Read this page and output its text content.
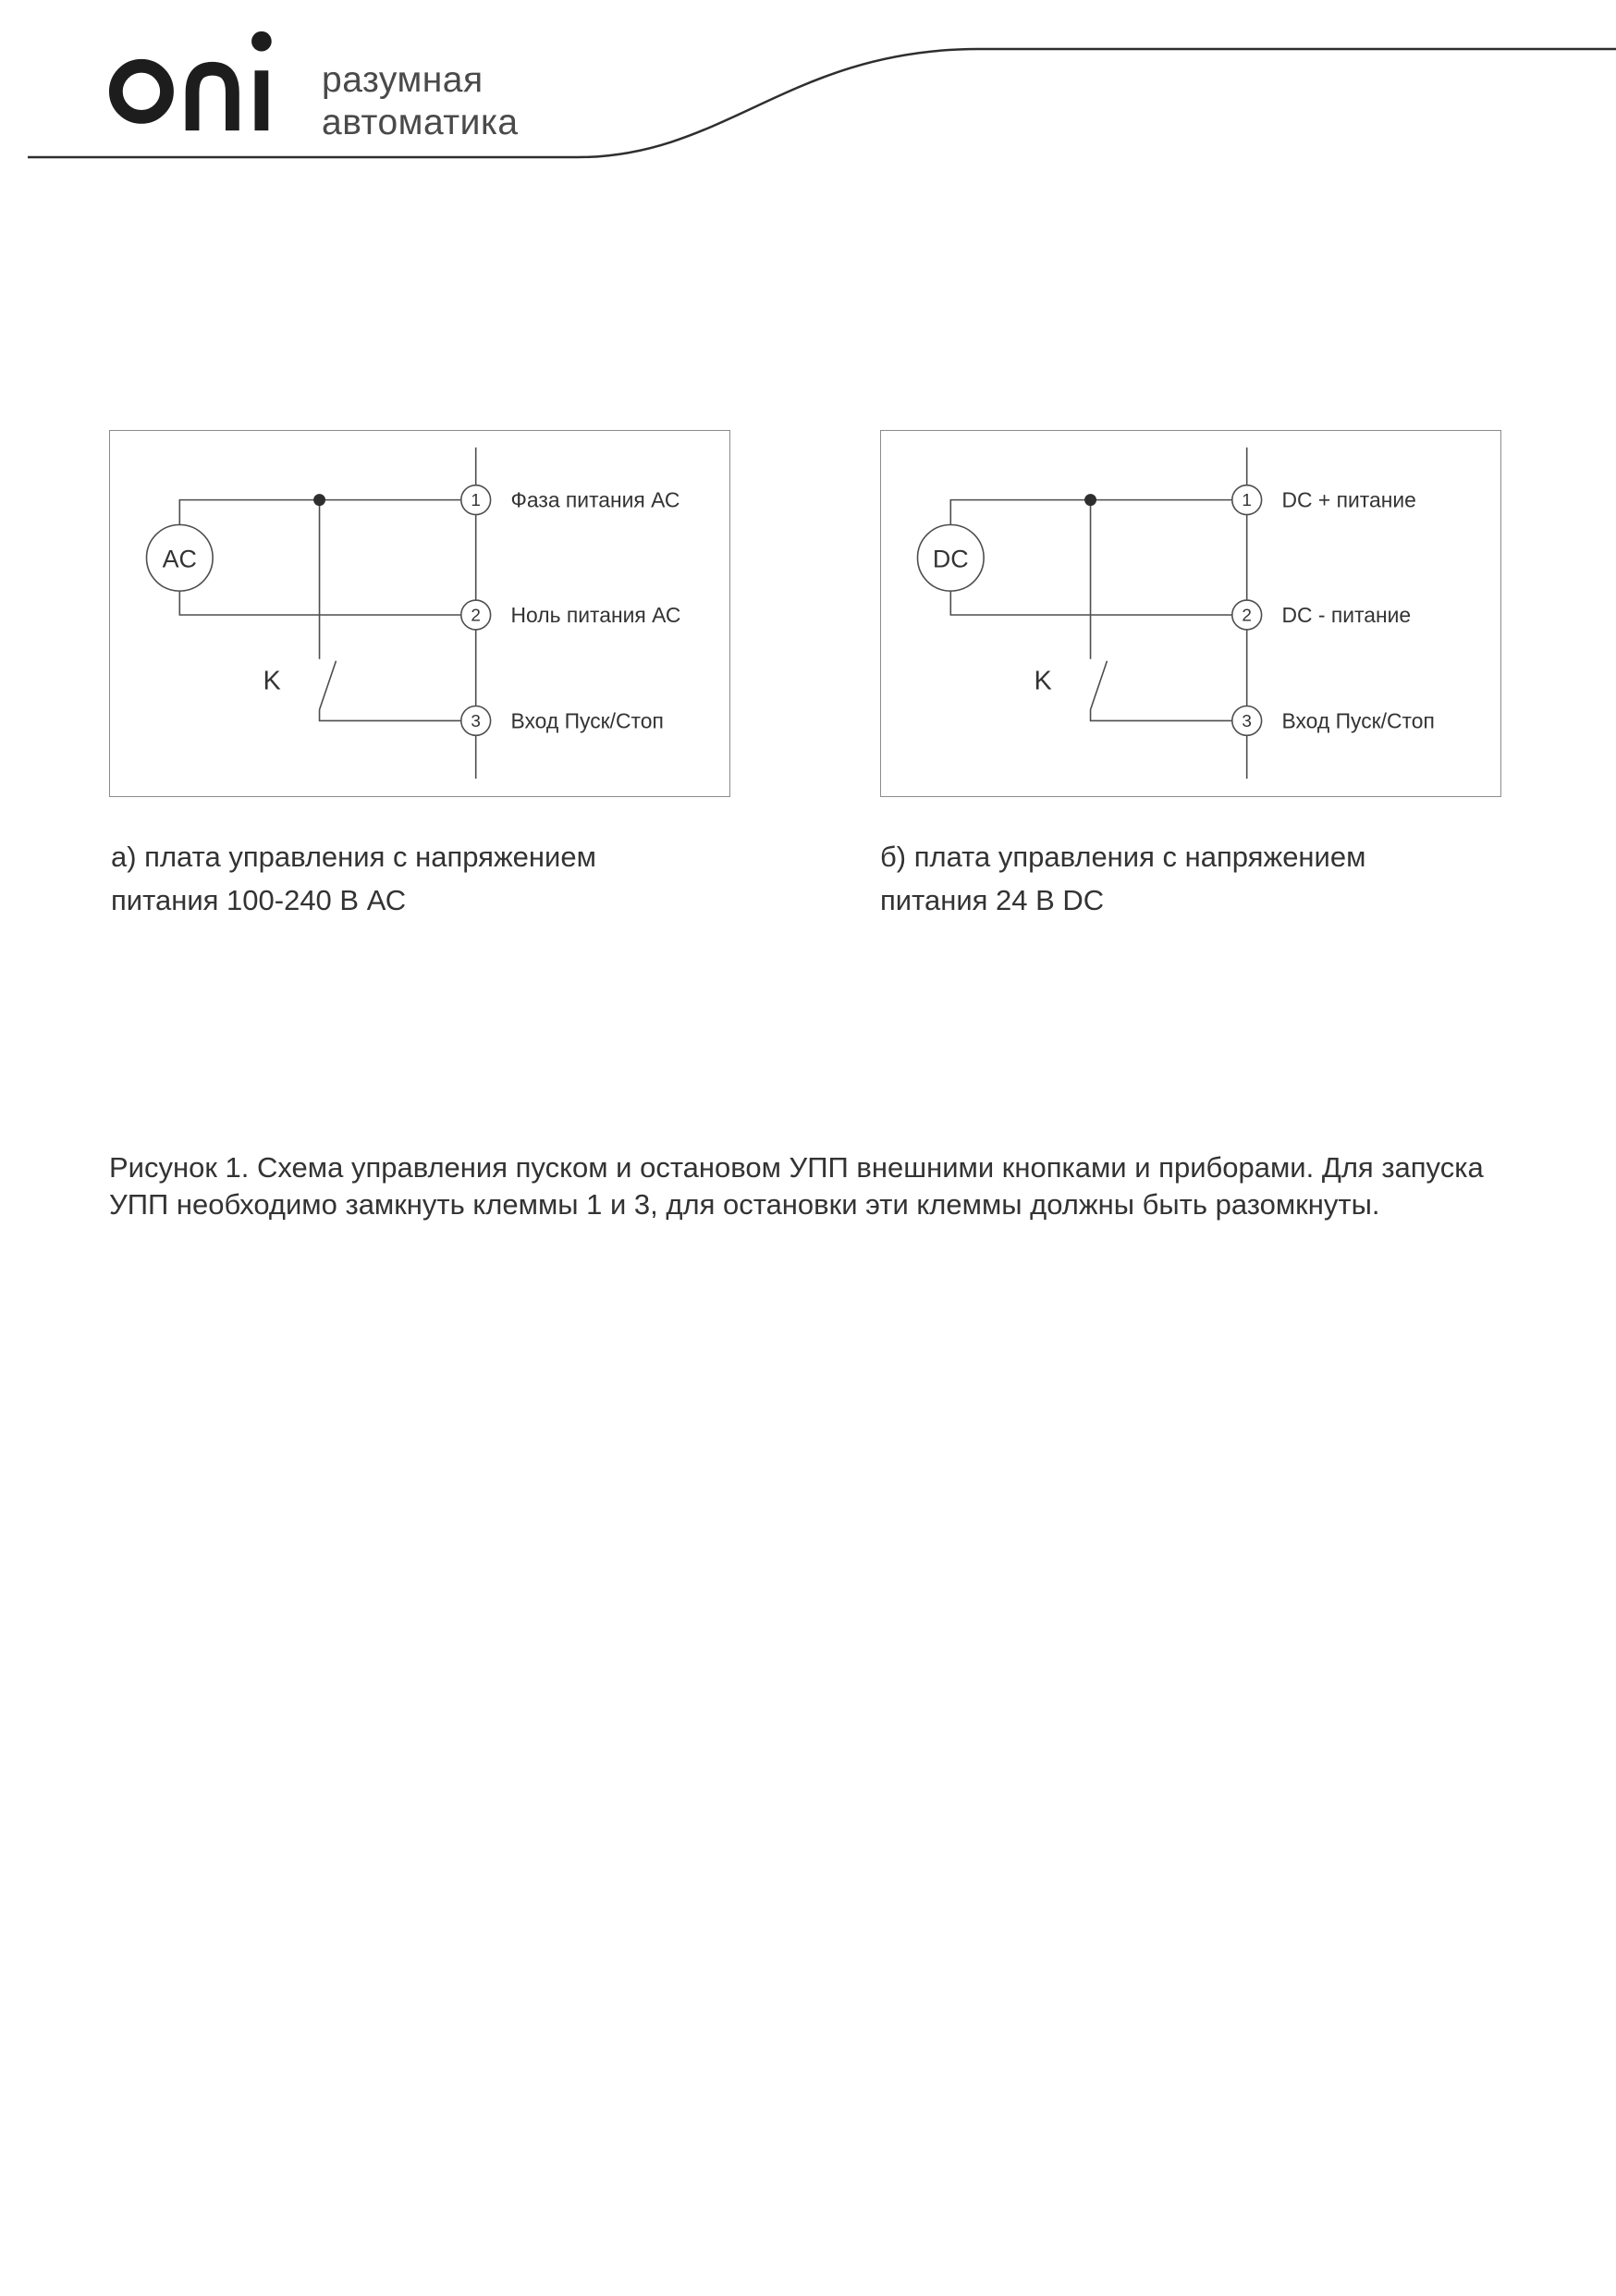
разумная
автоматика
AC
1 Фаза питания АС
2 Ноль питания АС
3 Вход Пуск/Стоп
K
DC
1 DC + питание
2 DC - питание
3 Вход Пуск/Стоп
K
а) плата управления с напряжением
питания 100-240 В АС
б) плата управления с напряжением
питания 24 В DC
Рисунок 1. Схема управления пуском и остановом УПП внешними кнопками и приборами. Для запуска УПП необходимо замкнуть клеммы 1 и 3, для остановки эти клеммы должны быть разомкнуты.
